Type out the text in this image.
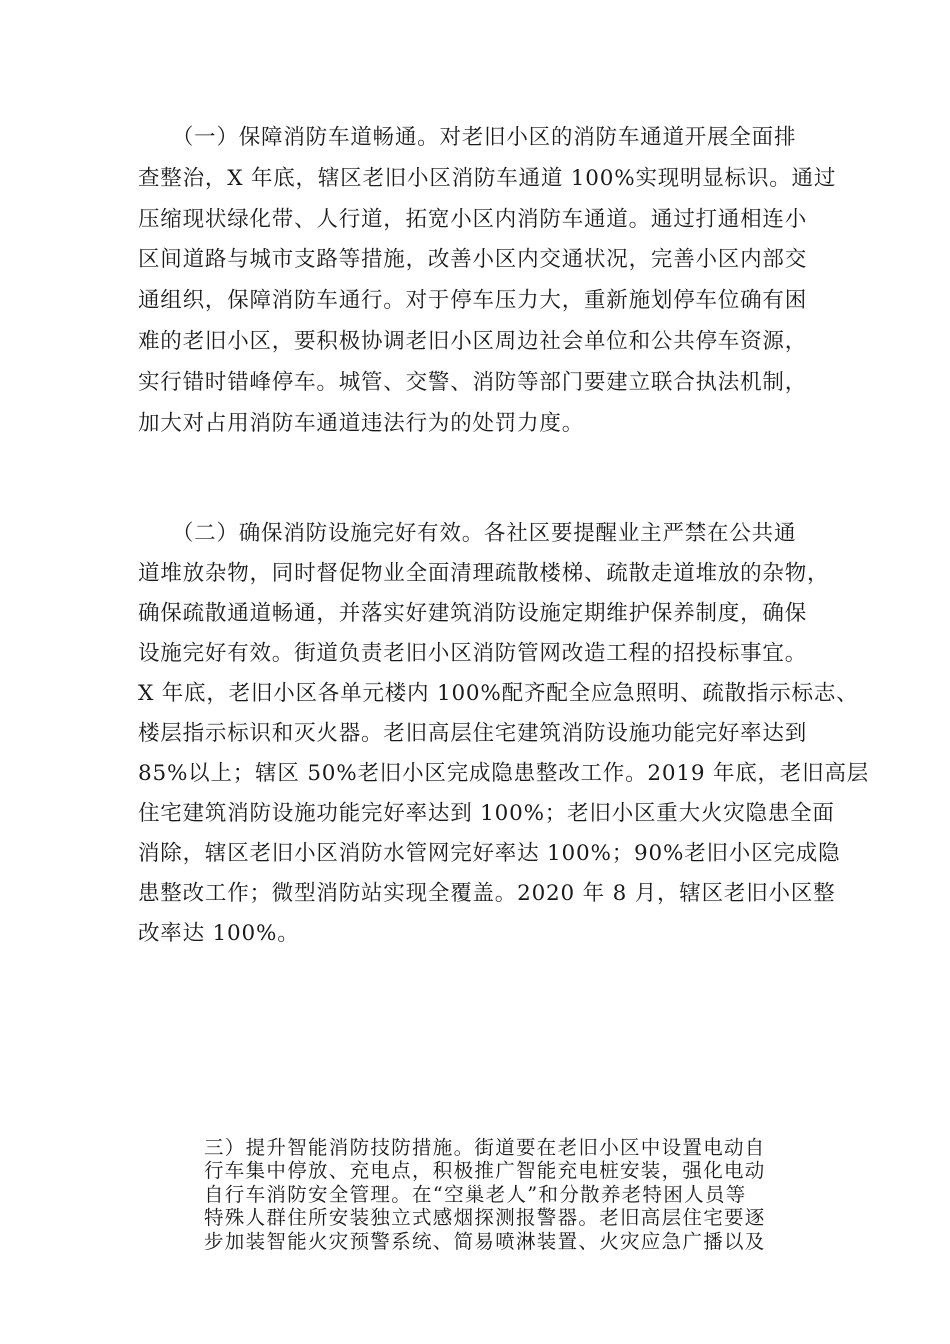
　　（一）保障消防车道畅通。对老旧小区的消防车通道开展全面排
查整治，X 年底，辖区老旧小区消防车通道 100%实现明显标识。通过
压缩现状绿化带、人行道，拓宽小区内消防车通道。通过打通相连小
区间道路与城市支路等措施，改善小区内交通状况，完善小区内部交
通组织，保障消防车通行。对于停车压力大，重新施划停车位确有困
难的老旧小区，要积极协调老旧小区周边社会单位和公共停车资源，
实行错时错峰停车。城管、交警、消防等部门要建立联合执法机制，
加大对占用消防车通道违法行为的处罚力度。
　　（二）确保消防设施完好有效。各社区要提醒业主严禁在公共通
道堆放杂物，同时督促物业全面清理疏散楼梯、疏散走道堆放的杂物，
确保疏散通道畅通，并落实好建筑消防设施定期维护保养制度，确保
设施完好有效。街道负责老旧小区消防管网改造工程的招投标事宜。
X 年底，老旧小区各单元楼内 100%配齐配全应急照明、疏散指示标志、
楼层指示标识和灭火器。老旧高层住宅建筑消防设施功能完好率达到
85%以上；辖区 50%老旧小区完成隐患整改工作。2019 年底，老旧高层
住宅建筑消防设施功能完好率达到 100%；老旧小区重大火灾隐患全面
消除，辖区老旧小区消防水管网完好率达 100%；90%老旧小区完成隐
患整改工作；微型消防站实现全覆盖。2020 年 8 月，辖区老旧小区整
改率达 100%。
三）提升智能消防技防措施。街道要在老旧小区中设置电动自
行车集中停放、充电点，积极推广智能充电桩安装，强化电动
自行车消防安全管理。在“空巢老人”和分散养老特困人员等
特殊人群住所安装独立式感烟探测报警器。老旧高层住宅要逐
步加装智能火灾预警系统、简易喷淋装置、火灾应急广播以及
